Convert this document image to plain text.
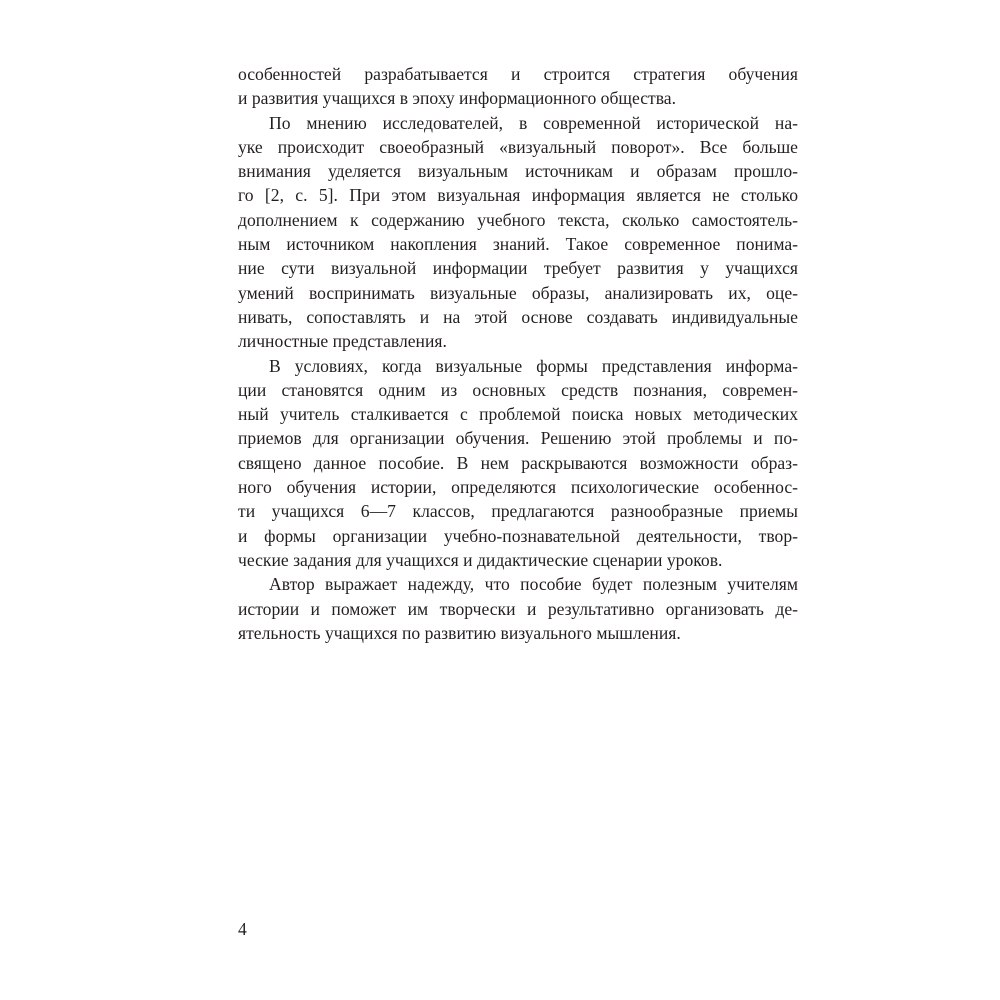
особенностей разрабатывается и строится стратегия обучения
и развития учащихся в эпоху информационного общества.
По мнению исследователей, в современной исторической на-
уке происходит своеобразный «визуальный поворот». Все больше
внимания уделяется визуальным источникам и образам прошло-
го [2, с. 5]. При этом визуальная информация является не столько
дополнением к содержанию учебного текста, сколько самостоятель-
ным источником накопления знаний. Такое современное понима-
ние сути визуальной информации требует развития у учащихся
умений воспринимать визуальные образы, анализировать их, оце-
нивать, сопоставлять и на этой основе создавать индивидуальные
личностные представления.
В условиях, когда визуальные формы представления информа-
ции становятся одним из основных средств познания, современ-
ный учитель сталкивается с проблемой поиска новых методических
приемов для организации обучения. Решению этой проблемы и по-
священо данное пособие. В нем раскрываются возможности образ-
ного обучения истории, определяются психологические особеннос-
ти учащихся 6—7 классов, предлагаются разнообразные приемы
и формы организации учебно-познавательной деятельности, твор-
ческие задания для учащихся и дидактические сценарии уроков.
Автор выражает надежду, что пособие будет полезным учителям
истории и поможет им творчески и результативно организовать де-
ятельность учащихся по развитию визуального мышления.
4
